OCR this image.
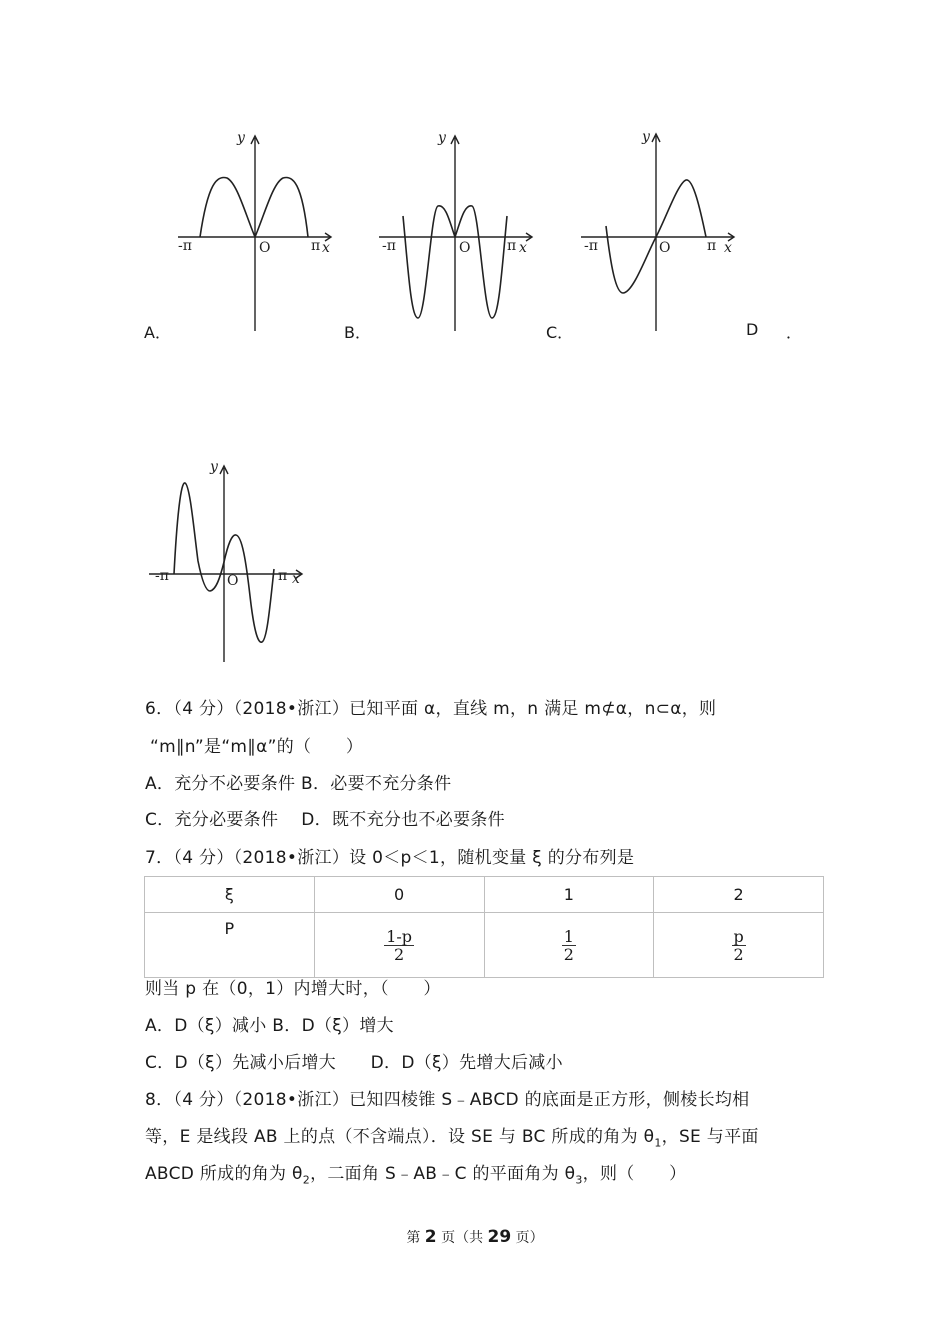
y
O
-π	π x
y
O
-π	π x
y
O
-π	π x
A．	B．	C．	D ．
y
O
-π	π x
6．（4 分）（2018•浙江）已知平面 α，直线 m，n 满足 m⊄α，n⊂α，则
“m∥n”是“m∥α”的（　　）
A．充分不必要条件 B．必要不充分条件
C．充分必要条件　 D．既不充分也不必要条件
7．（4 分）（2018•浙江）设 0＜p＜1，随机变量 ξ 的分布列是
ξ	0	1	2
P	$\frac{1-p}{2}$	$\frac{1}{2}$	$\frac{p}{2}$
则当 p 在（0，1）内增大时，（　　）
A．D（ξ）减小 B．D（ξ）增大
C．D（ξ）先减小后增大　　D．D（ξ）先增大后减小
8．（4 分）（2018•浙江）已知四棱锥 S﹣ABCD 的底面是正方形，侧棱长均相
等，E 是线段 AB 上的点（不含端点）．设 SE 与 BC 所成的角为 $\theta_1$，SE 与平面
ABCD 所成的角为 $\theta_2$，二面角 S﹣AB﹣C 的平面角为 $\theta_3$，则（　　）
第 2 页（共 29 页）
